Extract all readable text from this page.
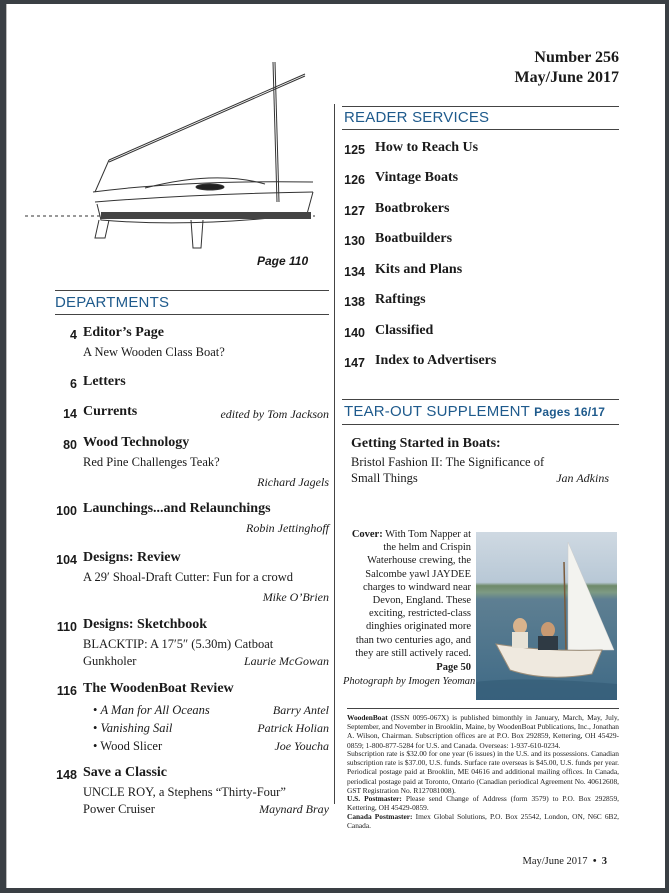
Number 256
May/June 2017
Page 110
DEPARTMENTS
4 Editor’s Page
A New Wooden Class Boat?
6 Letters
14 Currents	edited by Tom Jackson
80 Wood Technology
Red Pine Challenges Teak?
Richard Jagels
100 Launchings...and Relaunchings
Robin Jettinghoff
104 Designs: Review
A 29′ Shoal-Draft Cutter: Fun for a crowd
Mike O’Brien
110 Designs: Sketchbook
BLACKTIP: A 17′5″ (5.30m) Catboat
Gunkholer	Laurie McGowan
116 The WoodenBoat Review
• A Man for All Oceans	Barry Antel
• Vanishing Sail	Patrick Holian
• Wood Slicer	Joe Youcha
148 Save a Classic
UNCLE ROY, a Stephens “Thirty-Four”
Power Cruiser	Maynard Bray
READER SERVICES
125 How to Reach Us
126 Vintage Boats
127 Boatbrokers
130 Boatbuilders
134 Kits and Plans
138 Raftings
140 Classified
147 Index to Advertisers
TEAR-OUT SUPPLEMENT Pages 16/17
Getting Started in Boats:
Bristol Fashion II: The Significance of
Small Things	Jan Adkins
Cover: With Tom Napper at the helm and Crispin Waterhouse crewing, the Salcombe yawl JAYDEE charges to windward near Devon, England. These exciting, restricted-class dinghies originated more than two centuries ago, and they are still actively raced.
Page 50
Photograph by Imogen Yeoman
WoodenBoat (ISSN 0095-067X) is published bimonthly in January, March, May, July, September, and November in Brooklin, Maine, by WoodenBoat Publications, Inc., Jonathan A. Wilson, Chairman. Subscription offices are at P.O. Box 292859, Kettering, OH 45429-0859; 1-800-877-5284 for U.S. and Canada. Overseas: 1-937-610-0234.
Subscription rate is $32.00 for one year (6 issues) in the U.S. and its possessions. Canadian subscription rate is $37.00, U.S. funds. Surface rate overseas is $45.00, U.S. funds per year. Periodical postage paid at Brooklin, ME 04616 and additional mailing offices. In Canada, periodical postage paid at Toronto, Ontario (Canadian periodical Agreement No. 40612608, GST Registration No. R127081008).
U.S. Postmaster: Please send Change of Address (form 3579) to P.O. Box 292859, Kettering, OH 45429-0859.
Canada Postmaster: Imex Global Solutions, P.O. Box 25542, London, ON, N6C 6B2, Canada.
May/June 2017 • 3
